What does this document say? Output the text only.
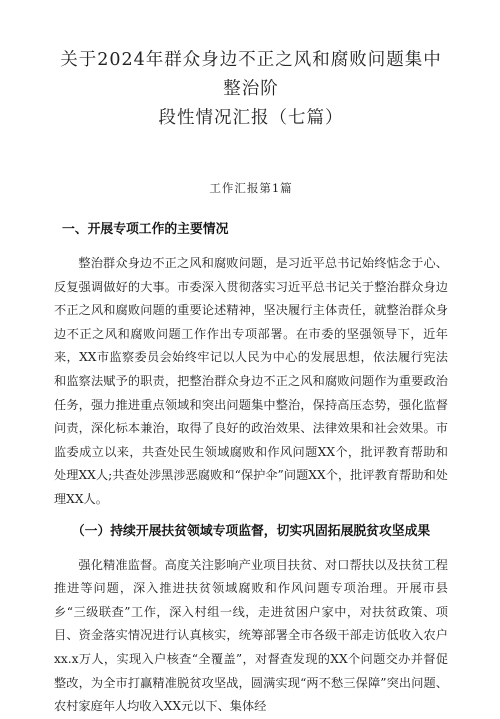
关于2024年群众身边不正之风和腐败问题集中整治阶
段性情况汇报（七篇）
工作汇报第1篇
一、开展专项工作的主要情况

整治群众身边不正之风和腐败问题，是习近平总书记始终惦念于心、反复强调做好的大事。市委深入贯彻落实习近平总书记关于整治群众身边不正之风和腐败问题的重要论述精神，坚决履行主体责任，就整治群众身边不正之风和腐败问题工作作出专项部署。在市委的坚强领导下，近年来，XX市监察委员会始终牢记以人民为中心的发展思想，依法履行宪法和监察法赋予的职责，把整治群众身边不正之风和腐败问题作为重要政治任务，强力推进重点领域和突出问题集中整治，保持高压态势，强化监督问责，深化标本兼治，取得了良好的政治效果、法律效果和社会效果。市监委成立以来，共查处民生领域腐败和作风问题XX个，批评教育帮助和处理XX人;共查处涉黑涉恶腐败和“保护伞”问题XX个，批评教育帮助和处理XX人。

（一）持续开展扶贫领域专项监督，切实巩固拓展脱贫攻坚成果

强化精准监督。高度关注影响产业项目扶贫、对口帮扶以及扶贫工程推进等问题，深入推进扶贫领域腐败和作风问题专项治理。开展市县乡“三级联查”工作，深入村组一线，走进贫困户家中，对扶贫政策、项目、资金落实情况进行认真核实，统筹部署全市各级干部走访低收入农户xx.x万人，实现入户核查“全覆盖”，对督查发现的XX个问题交办并督促整改，为全市打赢精准脱贫攻坚战，圆满实现“两不愁三保障”突出问题、农村家庭年人均收入XX元以下、集体经
